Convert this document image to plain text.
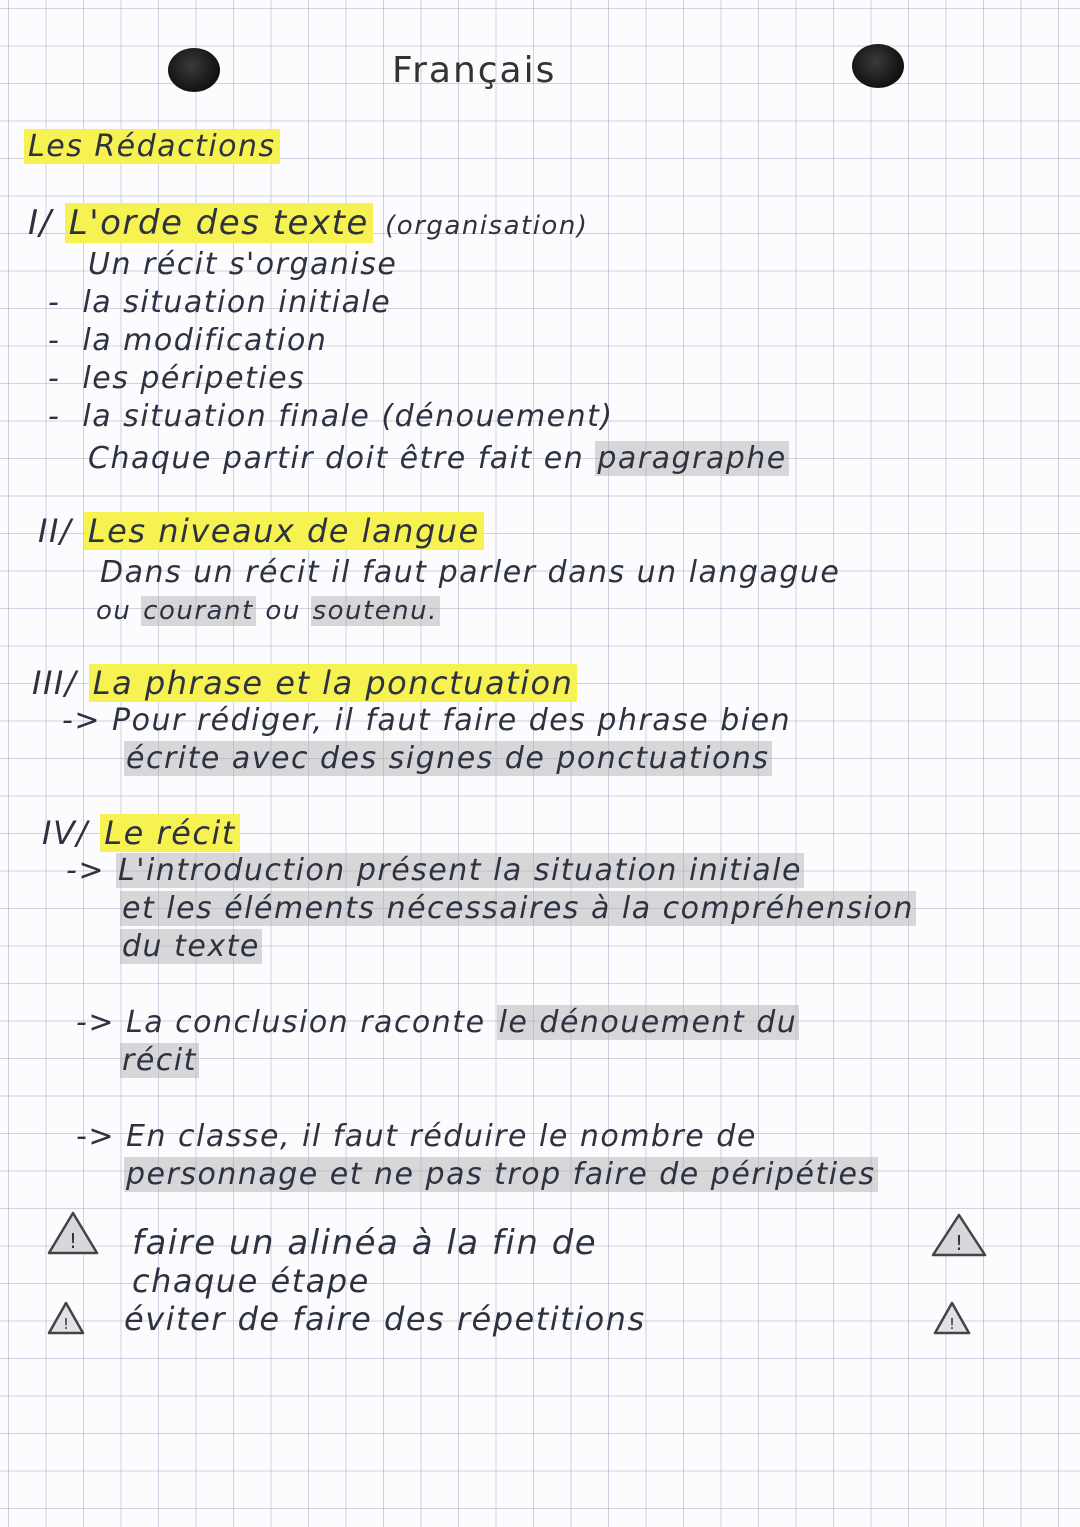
Français
Les Rédactions
I/ L'orde des texte (organisation)
Un récit s'organise
-  la situation initiale
-  la modification
-  les péripeties
-  la situation finale (dénouement)
Chaque partir doit être fait en paragraphe
II/ Les niveaux de langue
Dans un récit il faut parler dans un langague
ou courant ou soutenu.
III/ La phrase et la ponctuation
-> Pour rédiger, il faut faire des phrase bien
écrite avec des signes de ponctuations
IV/ Le récit
-> L'introduction présent la situation initiale
et les éléments nécessaires à la compréhension
du texte
-> La conclusion raconte le dénouement du
récit
-> En classe, il faut réduire le nombre de
personnage et ne pas trop faire de péripéties
! faire un alinéa à la fin de
chaque étape
!
! éviter de faire des répetitions	!
